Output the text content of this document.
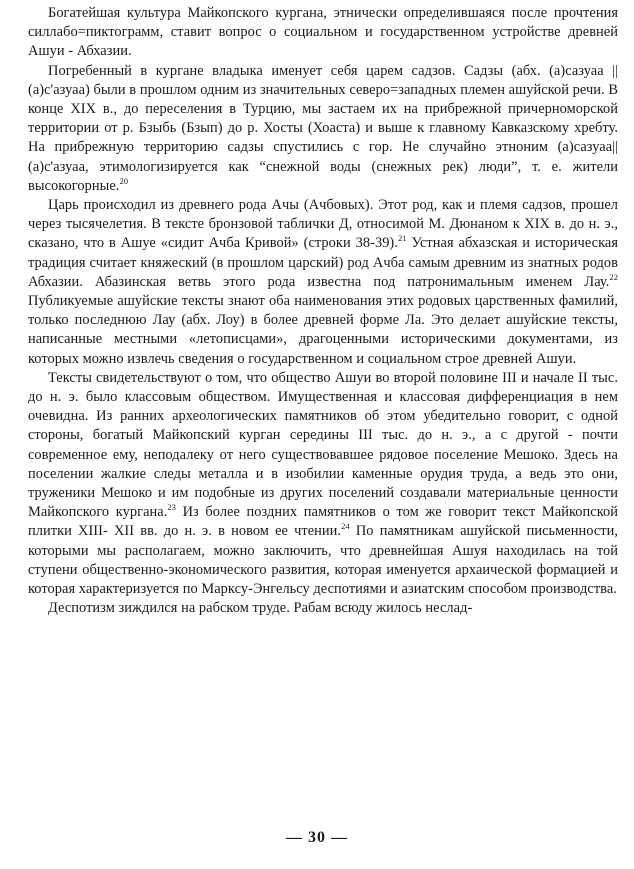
Богатейшая культура Майкопского кургана, этнически определившаяся после прочтения силлабо=пиктограмм, ставит вопрос о социальном и государственном устройстве древней Ашуи - Абхазии.

Погребенный в кургане владыка именует себя царем садзов. Садзы (абх. (а)сазуаа || (а)с'азуаа) были в прошлом одним из значительных северо=западных племен ашуйской речи. В конце XIX в., до переселения в Турцию, мы застаем их на прибрежной причерноморской территории от р. Бзыбь (Бзып) до р. Хосты (Хоаста) и выше к главному Кавказскому хребту. На прибрежную территорию садзы спустились с гор. Не случайно этноним (а)сазуаа||(а)с'азуаа, этимологизируется как “снежной воды (снежных рек) люди”, т. е. жители высокогорные.$^{20}$

Царь происходил из древнего рода Ачы (Ачбовых). Этот род, как и племя садзов, прошел через тысячелетия. В тексте бронзовой таблички Д, относимой М. Дюнаном к XIX в. до н. э., сказано, что в Ашуе «сидит Ачба Кривой» (строки 38-39).$^{21}$ Устная абхазская и историческая традиция считает княжеский (в прошлом царский) род Ачба самым древним из знатных родов Абхазии. Абазинская ветвь этого рода известна под патронимальным именем Лау.$^{22}$ Публикуемые ашуйские тексты знают оба наименования этих родовых царственных фамилий, только последнюю Лау (абх. Лоу) в более древней форме Ла. Это делает ашуйские тексты, написанные местными «летописцами», драгоценными историческими документами, из которых можно извлечь сведения о государственном и социальном строе древней Ашуи.

Тексты свидетельствуют о том, что общество Ашуи во второй половине III и начале II тыс. до н. э. было классовым обществом. Имущественная и классовая дифференциация в нем очевидна. Из ранних археологических памятников об этом убедительно говорит, с одной стороны, богатый Майкопский курган середины III тыс. до н. э., а с другой - почти современное ему, неподалеку от него существовавшее рядовое поселение Мешоко. Здесь на поселении жалкие следы металла и в изобилии каменные орудия труда, а ведь это они, труженики Мешоко и им подобные из других поселений создавали материальные ценности Майкопского кургана.$^{23}$ Из более поздних памятников о том же говорит текст Майкопской плитки XIII- XII вв. до н. э. в новом ее чтении.$^{24}$ По памятникам ашуйской письменности, которыми мы располагаем, можно заключить, что древнейшая Ашуя находилась на той ступени общественно-экономического развития, которая именуется архаической формацией и которая характеризуется по Марксу-Энгельсу деспотиями и азиатским способом производства.

Деспотизм зиждился на рабском труде. Рабам всюду жилось неслад-

— 30 —
